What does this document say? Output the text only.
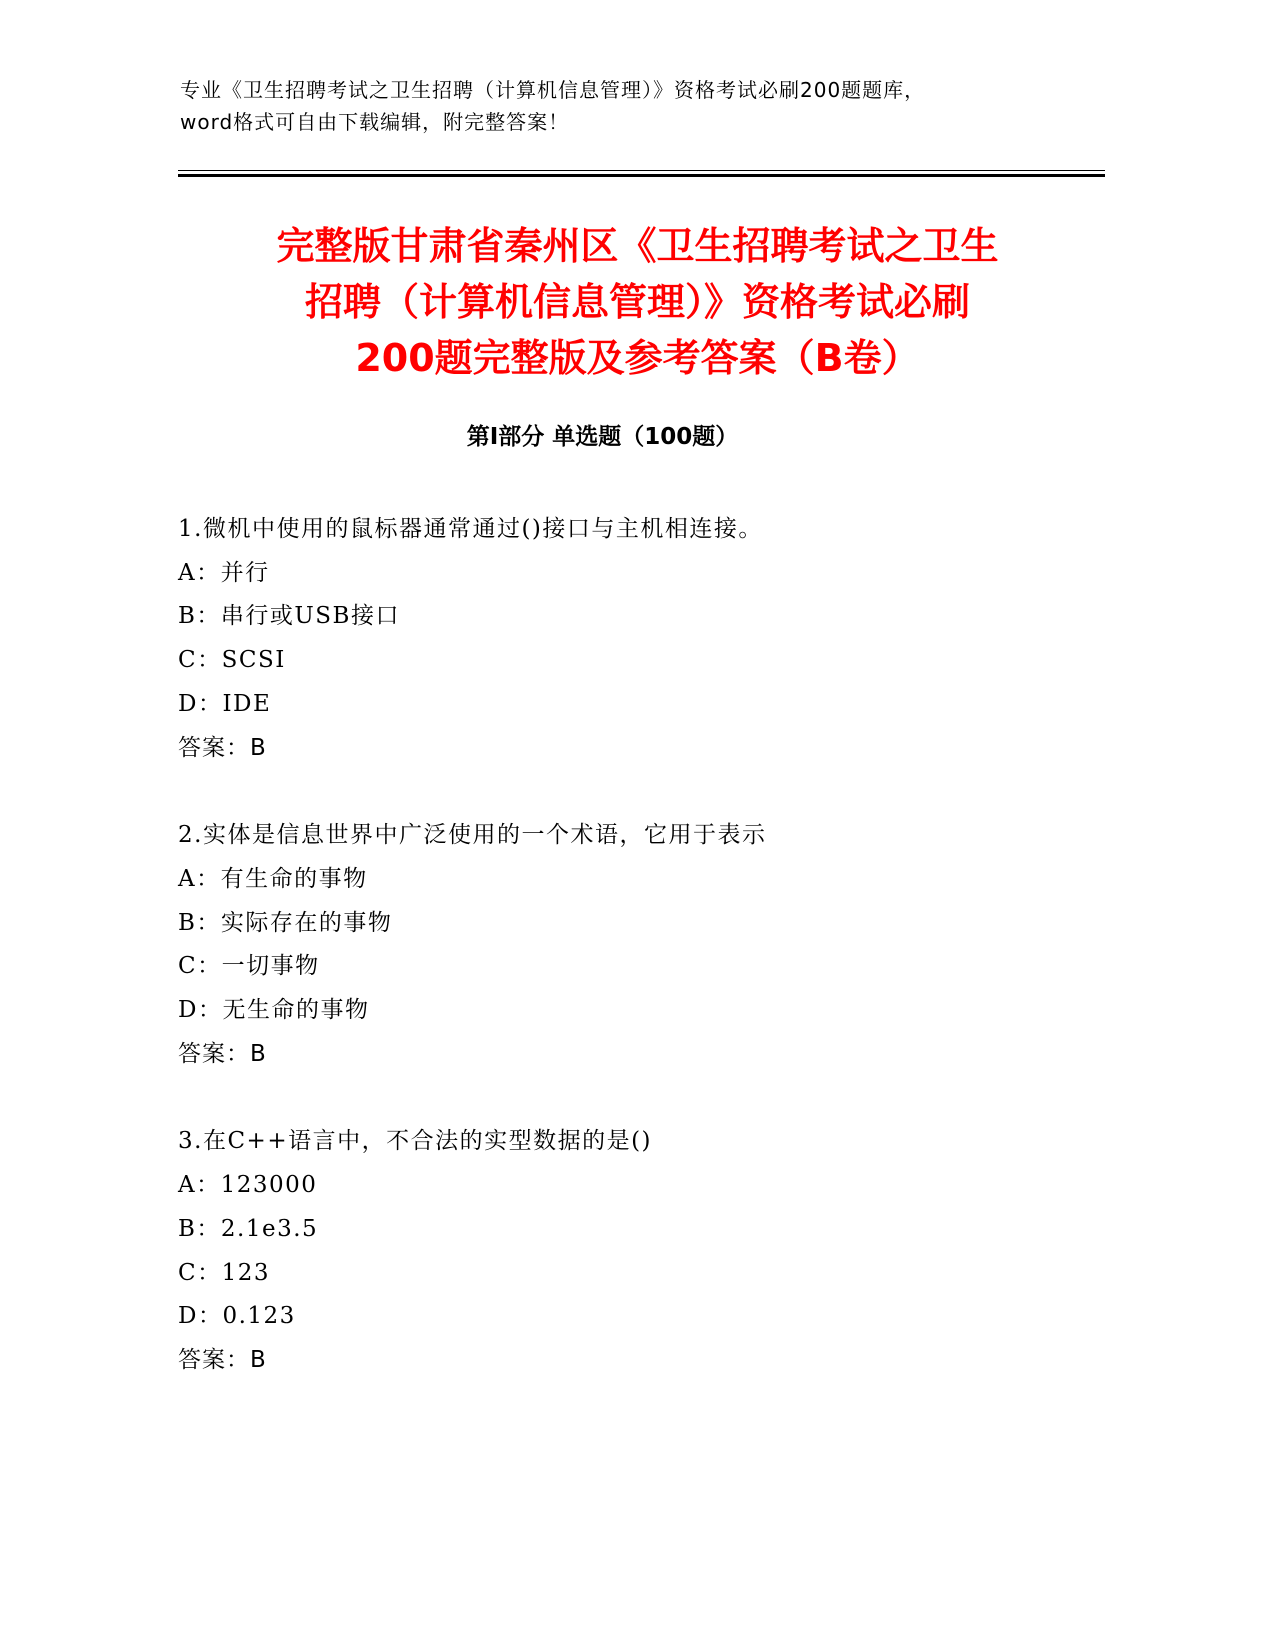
专业《卫生招聘考试之卫生招聘（计算机信息管理）》资格考试必刷200题题库，
word格式可自由下载编辑，附完整答案！
完整版甘肃省秦州区《卫生招聘考试之卫生
招聘（计算机信息管理）》资格考试必刷
200题完整版及参考答案（B卷）
第I部分 单选题（100题）
1.微机中使用的鼠标器通常通过()接口与主机相连接。
A：并行
B：串行或USB接口
C：SCSI
D：IDE
答案：B
2.实体是信息世界中广泛使用的一个术语，它用于表示
A：有生命的事物
B：实际存在的事物
C：一切事物
D：无生命的事物
答案：B
3.在C++语言中，不合法的实型数据的是()
A：123000
B：2.1e3.5
C：123
D：0.123
答案：B
